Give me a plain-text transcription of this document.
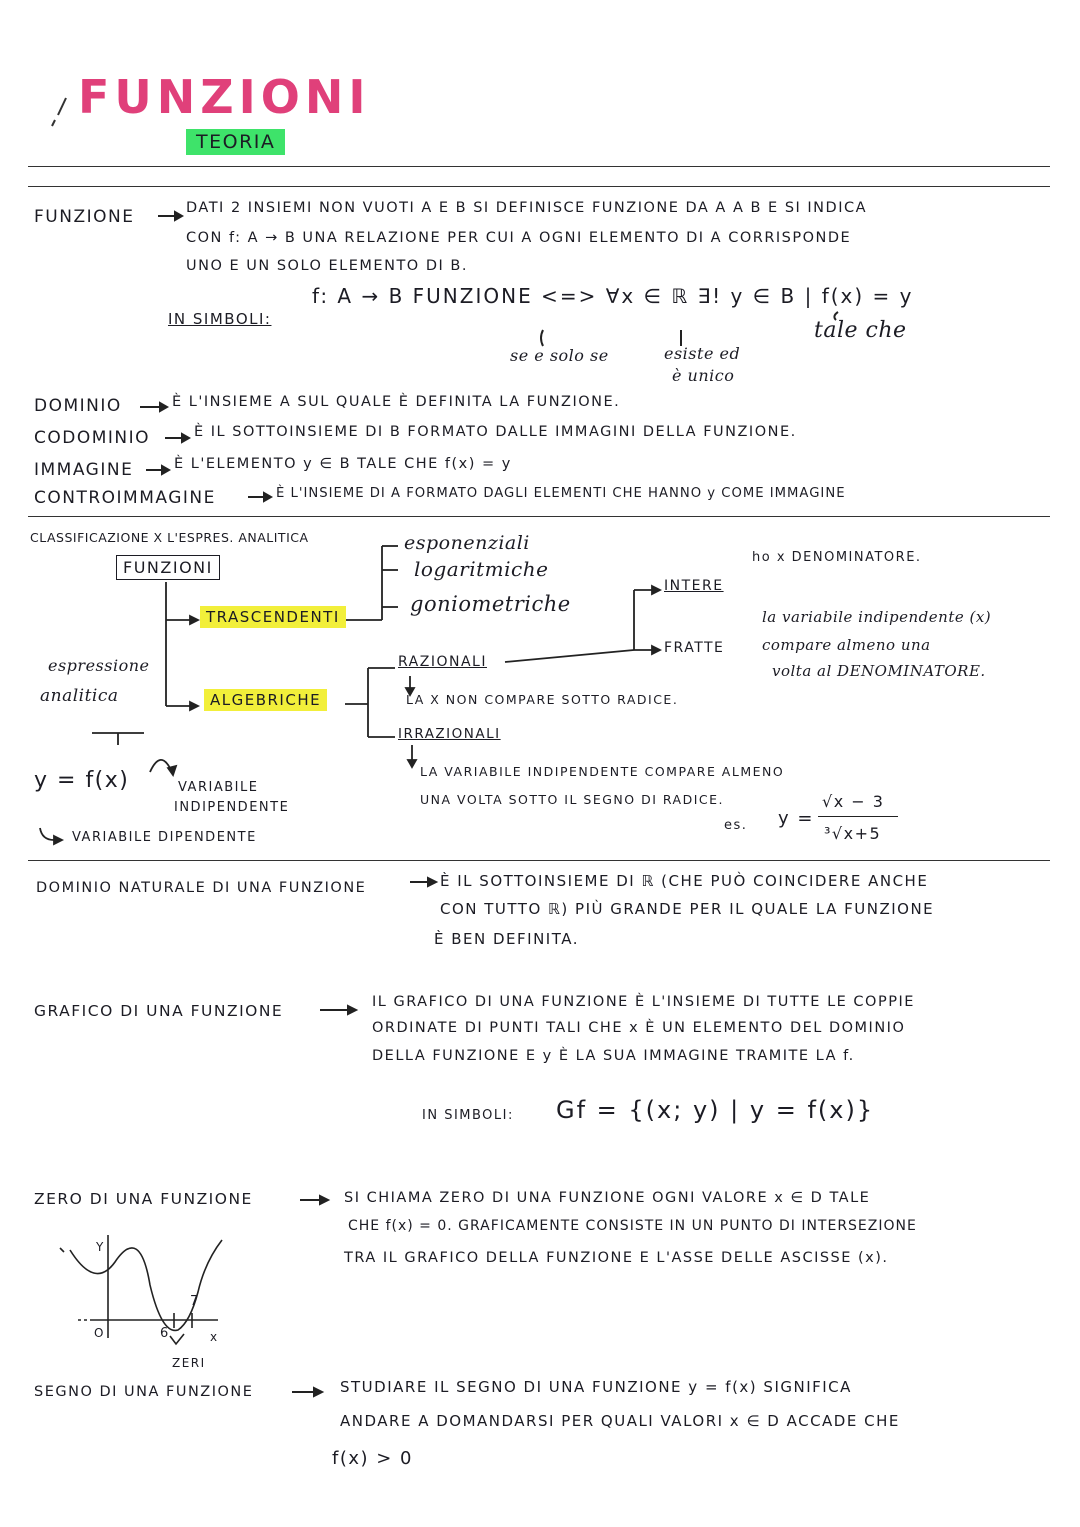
FUNZIONI
TEORIA
FUNZIONE	DATI 2 INSIEMI NON VUOTI A E B SI DEFINISCE FUNZIONE DA A A B E SI INDICA
CON f: A → B UNA RELAZIONE PER CUI A OGNI ELEMENTO DI A CORRISPONDE
UNO E UN SOLO ELEMENTO DI B.
IN SIMBOLI:
f: A → B FUNZIONE <=> ∀x ∈ ℝ ∃! y ∈ B | f(x) = y
tale che
se e solo se	esiste ed
è unico
DOMINIO	È L'INSIEME A SUL QUALE È DEFINITA LA FUNZIONE.
CODOMINIO	È IL SOTTOINSIEME DI B FORMATO DALLE IMMAGINI DELLA FUNZIONE.
IMMAGINE	È L'ELEMENTO y ∈ B TALE CHE f(x) = y
CONTROIMMAGINE	È L'INSIEME DI A FORMATO DAGLI ELEMENTI CHE HANNO y COME IMMAGINE
CLASSIFICAZIONE X L'ESPRES. ANALITICA
FUNZIONI
espressione
analitica
TRASCENDENTI
esponenziali
logaritmiche
goniometriche
ALGEBRICHE
RAZIONALI
LA X NON COMPARE SOTTO RADICE.
INTERE
ho x DENOMINATORE.
FRATTE
la variabile indipendente (x)
compare almeno una
volta al DENOMINATORE.
IRRAZIONALI
LA VARIABILE INDIPENDENTE COMPARE ALMENO
UNA VOLTA SOTTO IL SEGNO DI RADICE.
es. y =
√x − 3
³√x+5
y = f(x)	VARIABILE
INDIPENDENTE
VARIABILE DIPENDENTE
DOMINIO NATURALE DI UNA FUNZIONE	È IL SOTTOINSIEME DI ℝ (CHE PUÒ COINCIDERE ANCHE
CON TUTTO ℝ) PIÙ GRANDE PER IL QUALE LA FUNZIONE
È BEN DEFINITA.
GRAFICO DI UNA FUNZIONE	IL GRAFICO DI UNA FUNZIONE È L'INSIEME DI TUTTE LE COPPIE
ORDINATE DI PUNTI TALI CHE x È UN ELEMENTO DEL DOMINIO
DELLA FUNZIONE E y È LA SUA IMMAGINE TRAMITE LA f.
IN SIMBOLI: Gf = {(x; y) | y = f(x)}
ZERO DI UNA FUNZIONE	SI CHIAMA ZERO DI UNA FUNZIONE OGNI VALORE x ∈ D TALE
CHE f(x) = 0. GRAFICAMENTE CONSISTE IN UN PUNTO DI INTERSEZIONE
TRA IL GRAFICO DELLA FUNZIONE E L'ASSE DELLE ASCISSE (x).
Y
x
O	6
7
ZERI
SEGNO DI UNA FUNZIONE	STUDIARE IL SEGNO DI UNA FUNZIONE y = f(x) SIGNIFICA
ANDARE A DOMANDARSI PER QUALI VALORI x ∈ D ACCADE CHE
f(x) > 0
